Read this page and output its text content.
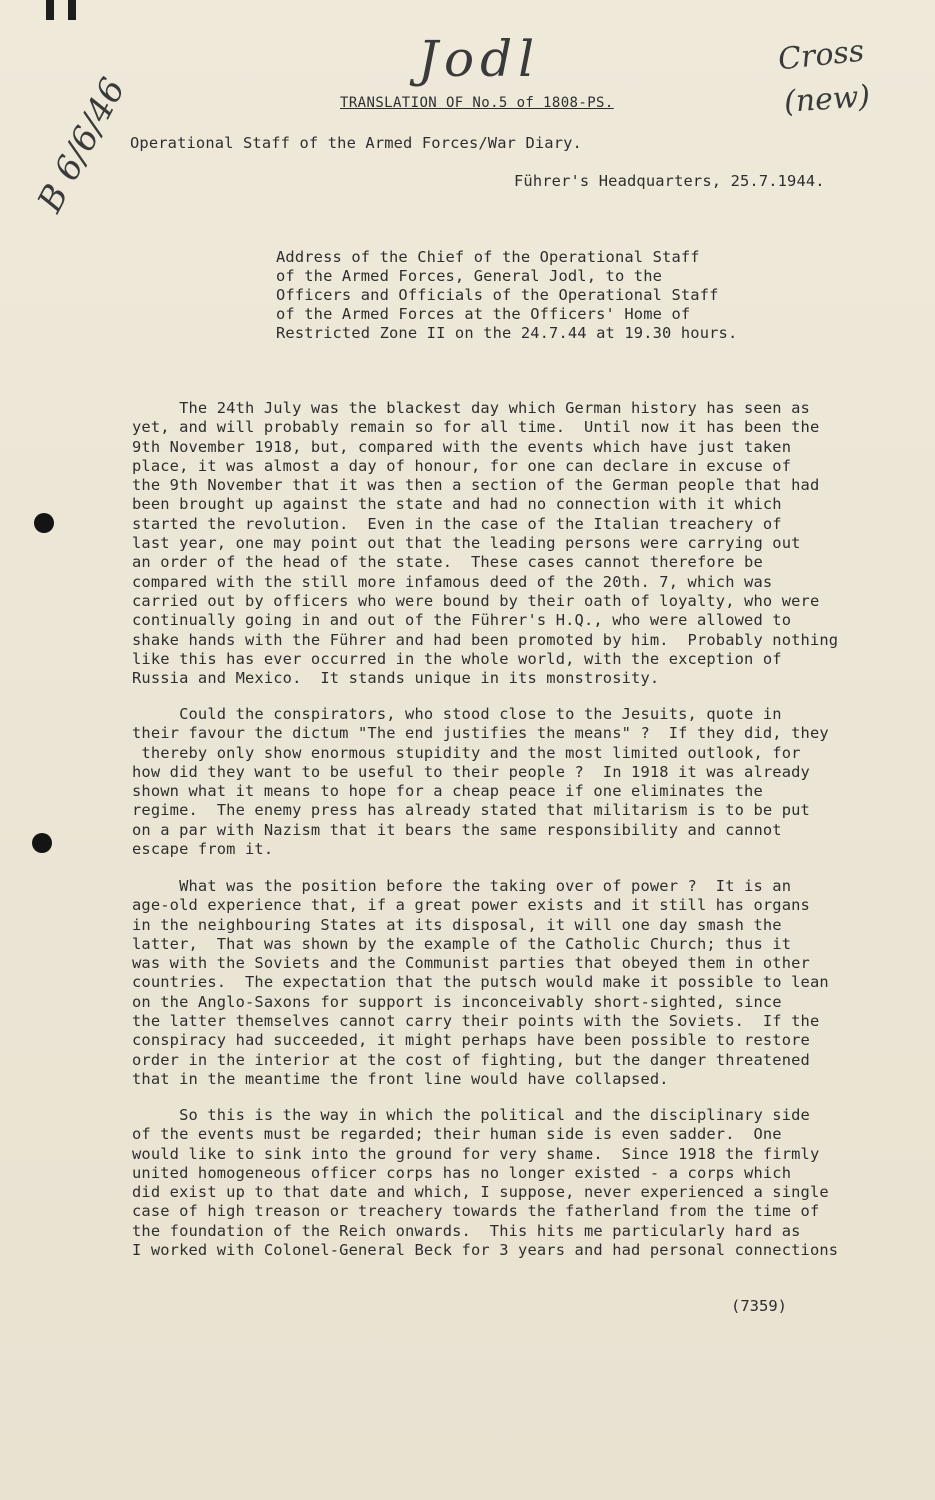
Jodl	Cross
(new)
B 6/6/46	TRANSLATION OF No.5 of 1808-PS.
Operational Staff of the Armed Forces/War Diary.
Führer's Headquarters, 25.7.1944.
Address of the Chief of the Operational Staff
of the Armed Forces, General Jodl, to the
Officers and Officials of the Operational Staff
of the Armed Forces at the Officers' Home of
Restricted Zone II on the 24.7.44 at 19.30 hours.
The 24th July was the blackest day which German history has seen as
yet, and will probably remain so for all time.  Until now it has been the
9th November 1918, but, compared with the events which have just taken
place, it was almost a day of honour, for one can declare in excuse of
the 9th November that it was then a section of the German people that had
been brought up against the state and had no connection with it which
started the revolution.  Even in the case of the Italian treachery of
last year, one may point out that the leading persons were carrying out
an order of the head of the state.  These cases cannot therefore be
compared with the still more infamous deed of the 20th. 7, which was
carried out by officers who were bound by their oath of loyalty, who were
continually going in and out of the Führer's H.Q., who were allowed to
shake hands with the Führer and had been promoted by him.  Probably nothing
like this has ever occurred in the whole world, with the exception of
Russia and Mexico.  It stands unique in its monstrosity.
Could the conspirators, who stood close to the Jesuits, quote in
their favour the dictum "The end justifies the means" ?  If they did, they
thereby only show enormous stupidity and the most limited outlook, for
how did they want to be useful to their people ?  In 1918 it was already
shown what it means to hope for a cheap peace if one eliminates the
regime.  The enemy press has already stated that militarism is to be put
on a par with Nazism that it bears the same responsibility and cannot
escape from it.
What was the position before the taking over of power ?  It is an
age-old experience that, if a great power exists and it still has organs
in the neighbouring States at its disposal, it will one day smash the
latter,  That was shown by the example of the Catholic Church; thus it
was with the Soviets and the Communist parties that obeyed them in other
countries.  The expectation that the putsch would make it possible to lean
on the Anglo-Saxons for support is inconceivably short-sighted, since
the latter themselves cannot carry their points with the Soviets.  If the
conspiracy had succeeded, it might perhaps have been possible to restore
order in the interior at the cost of fighting, but the danger threatened
that in the meantime the front line would have collapsed.
So this is the way in which the political and the disciplinary side
of the events must be regarded; their human side is even sadder.  One
would like to sink into the ground for very shame.  Since 1918 the firmly
united homogeneous officer corps has no longer existed - a corps which
did exist up to that date and which, I suppose, never experienced a single
case of high treason or treachery towards the fatherland from the time of
the foundation of the Reich onwards.  This hits me particularly hard as
I worked with Colonel-General Beck for 3 years and had personal connections
(7359)
